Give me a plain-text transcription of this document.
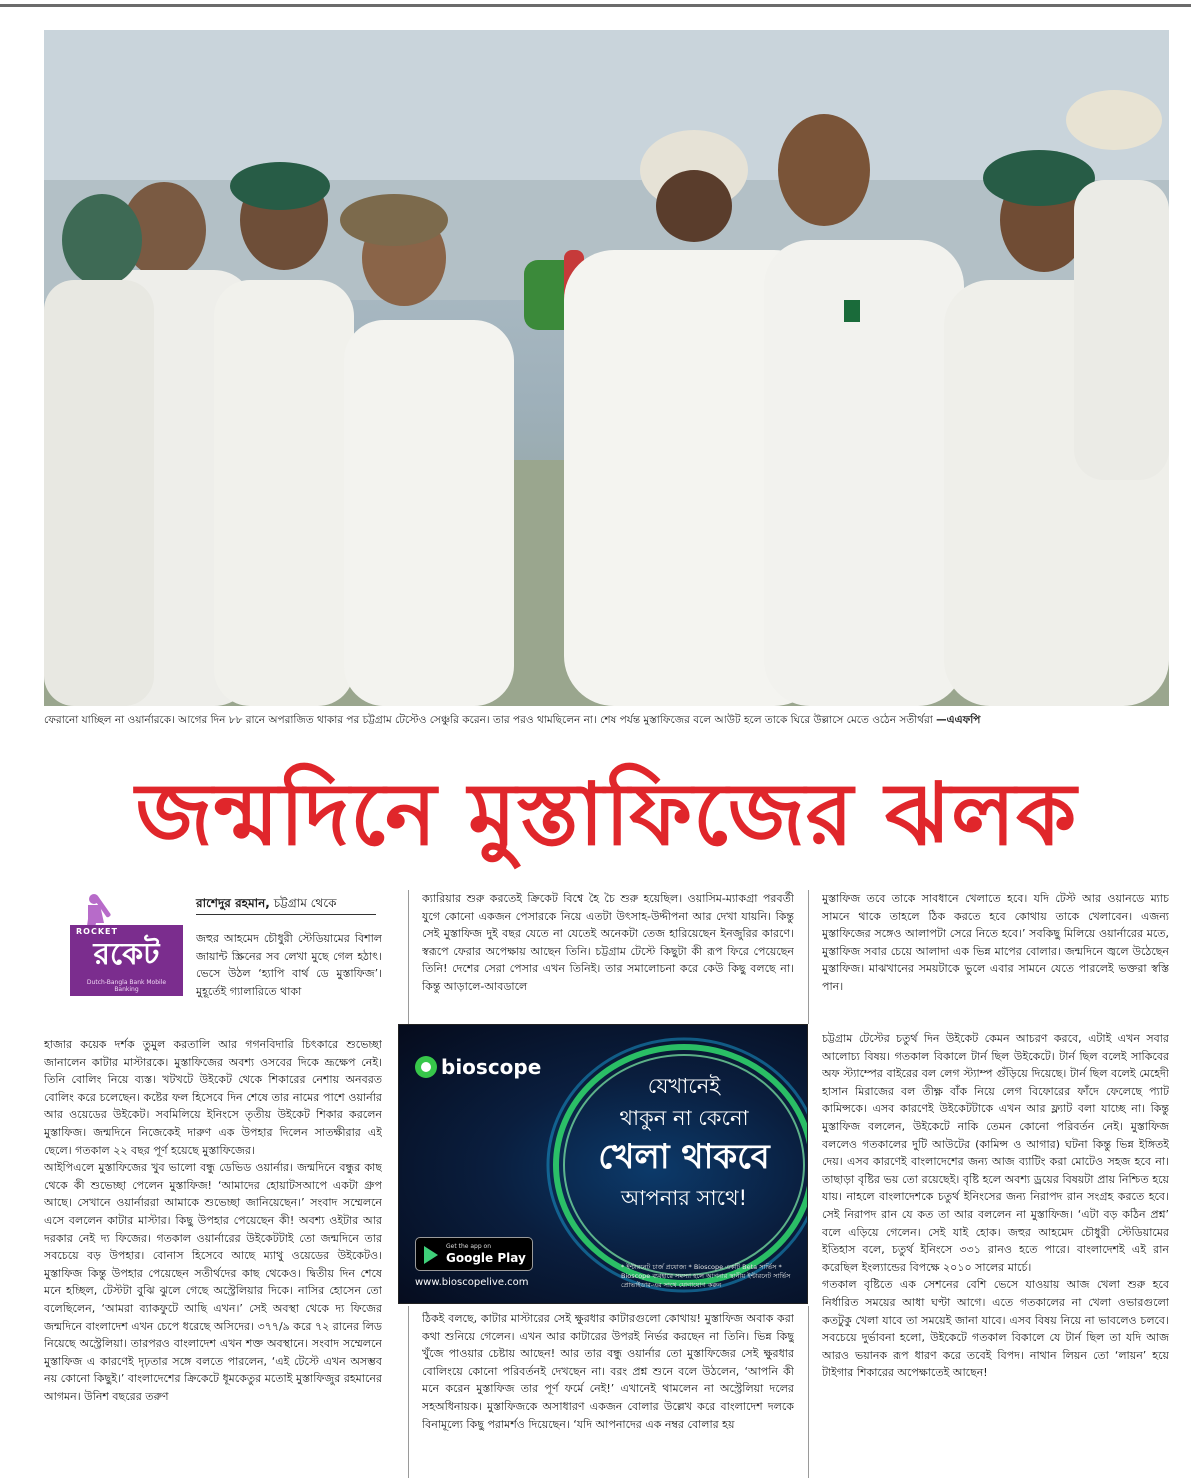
ফেরানো যাচ্ছিল না ওয়ার্নারকে। আগের দিন ৮৮ রানে অপরাজিত থাকার পর চট্টগ্রাম টেস্টেও সেঞ্চুরি করেন। তার পরও থামছিলেন না। শেষ পর্যন্ত মুস্তাফিজের বলে আউট হলে তাকে ঘিরে উল্লাসে মেতে ওঠেন সতীর্থরা —এএফপি
জন্মদিনে মুস্তাফিজের ঝলক
ROCKET
রকেট
Dutch-Bangla Bank Mobile Banking
রাশেদুর রহমান, চট্টগ্রাম থেকে

জহুর আহমেদ চৌধুরী স্টেডিয়ামের বিশাল জায়ান্ট স্ক্রিনের সব লেখা মুছে গেল হঠাৎ। ভেসে উঠল ‘হ্যাপি বার্থ ডে মুস্তাফিজ’। মুহূর্তেই গ্যালারিতে থাকা

হাজার কয়েক দর্শক তুমুল করতালি আর গগনবিদারি চিৎকারে শুভেচ্ছা জানালেন কাটার মাস্টারকে। মুস্তাফিজের অবশ্য ওসবের দিকে ভ্রূক্ষেপ নেই। তিনি বোলিং নিয়ে ব্যস্ত। খটখটে উইকেট থেকে শিকারের নেশায় অনবরত বোলিং করে চলেছেন। কষ্টের ফল হিসেবে দিন শেষে তার নামের পাশে ওয়ার্নার আর ওয়েডের উইকেট। সবমিলিয়ে ইনিংসে তৃতীয় উইকেট শিকার করলেন মুস্তাফিজ। জন্মদিনে নিজেকেই দারুণ এক উপহার দিলেন সাতক্ষীরার এই ছেলে। গতকাল ২২ বছর পূর্ণ হয়েছে মুস্তাফিজের।

আইপিএলে মুস্তাফিজের খুব ভালো বন্ধু ডেভিড ওয়ার্নার। জন্মদিনে বন্ধুর কাছ থেকে কী শুভেচ্ছা পেলেন মুস্তাফিজ! ‘আমাদের হোয়াটসআপে একটা গ্রুপ আছে। সেখানে ওয়ার্নাররা আমাকে শুভেচ্ছা জানিয়েছেন।’ সংবাদ সম্মেলনে এসে বললেন কাটার মাস্টার। কিছু উপহার পেয়েছেন কী! অবশ্য ওইটার আর দরকার নেই দ্য ফিজের। গতকাল ওয়ার্নারের উইকেটটাই তো জন্মদিনে তার সবচেয়ে বড় উপহার। বোনাস হিসেবে আছে ম্যাথু ওয়েডের উইকেটও। মুস্তাফিজ কিন্তু উপহার পেয়েছেন সতীর্থদের কাছ থেকেও। দ্বিতীয় দিন শেষে মনে হচ্ছিল, টেস্টটা বুঝি ঝুলে গেছে অস্ট্রেলিয়ার দিকে। নাসির হোসেন তো বলেছিলেন, ‘আমরা ব্যাকফুটে আছি এখন।’ সেই অবস্থা থেকে দ্য ফিজের জন্মদিনে বাংলাদেশ এখন চেপে ধরেছে অসিদের। ৩৭৭/৯ করে ৭২ রানের লিড নিয়েছে অস্ট্রেলিয়া। তারপরও বাংলাদেশ এখন শক্ত অবস্থানে। সংবাদ সম্মেলনে মুস্তাফিজ এ কারণেই দৃঢ়তার সঙ্গে বলতে পারলেন, ‘এই টেস্টে এখন অসম্ভব নয় কোনো কিছুই।’ বাংলাদেশের ক্রিকেটে ধূমকেতুর মতোই মুস্তাফিজুর রহমানের আগমন। উনিশ বছরের তরুণ

ক্যারিয়ার শুরু করতেই ক্রিকেট বিশ্বে হৈ চৈ শুরু হয়েছিল। ওয়াসিম-ম্যাকগ্রা পরবর্তী যুগে কোনো একজন পেসারকে নিয়ে এতটা উৎসাহ-উদ্দীপনা আর দেখা যায়নি। কিন্তু সেই মুস্তাফিজ দুই বছর যেতে না যেতেই অনেকটা তেজ হারিয়েছেন ইনজুরির কারণে। স্বরূপে ফেরার অপেক্ষায় আছেন তিনি। চট্টগ্রাম টেস্টে কিছুটা কী রূপ ফিরে পেয়েছেন তিনি! দেশের সেরা পেসার এখন তিনিই। তার সমালোচনা করে কেউ কিছু বলছে না। কিন্তু আড়ালে-আবডালে

bioscope
যেখানেই
থাকুন না কেনো
খেলা থাকবে
আপনার সাথে!
Get the app on
Google Play
www.bioscopelive.com
* ইন্টারনেট চার্জ প্রযোজ্য * Bioscope একটি Beta সার্ভিস * Bioscope ব্যবহারে সমস্যা হলে আপনার স্থানীয় ইন্টারনেট সার্ভিস প্রোভাইডার-এর সাথে যোগাযোগ করুন

ঠিকই বলছে, কাটার মাস্টারের সেই ক্ষুরধার কাটারগুলো কোথায়! মুস্তাফিজ অবাক করা কথা শুনিয়ে গেলেন। এখন আর কাটারের উপরই নির্ভর করছেন না তিনি। ভিন্ন কিছু খুঁজে পাওয়ার চেষ্টায় আছেন! আর তার বন্ধু ওয়ার্নার তো মুস্তাফিজের সেই ক্ষুরধার বোলিংয়ে কোনো পরিবর্তনই দেখছেন না। বরং প্রশ্ন শুনে বলে উঠলেন, ‘আপনি কী মনে করেন মুস্তাফিজ তার পূর্ণ ফর্মে নেই!’ এখানেই থামলেন না অস্ট্রেলিয়া দলের সহঅধিনায়ক। মুস্তাফিজকে অসাধারণ একজন বোলার উল্লেখ করে বাংলাদেশ দলকে বিনামূল্যে কিছু পরামর্শও দিয়েছেন। ‘যদি আপনাদের এক নম্বর বোলার হয়

মুস্তাফিজ তবে তাকে সাবধানে খেলাতে হবে। যদি টেস্ট আর ওয়ানডে ম্যাচ সামনে থাকে তাহলে ঠিক করতে হবে কোথায় তাকে খেলাবেন। এজন্য মুস্তাফিজের সঙ্গেও আলাপটা সেরে নিতে হবে।’ সবকিছু মিলিয়ে ওয়ার্নারের মতে, মুস্তাফিজ সবার চেয়ে আলাদা এক ভিন্ন মাপের বোলার। জন্মদিনে জ্বলে উঠেছেন মুস্তাফিজ। মাঝখানের সময়টাকে ভুলে এবার সামনে যেতে পারলেই ভক্তরা স্বস্তি পান।

চট্টগ্রাম টেস্টের চতুর্থ দিন উইকেট কেমন আচরণ করবে, এটাই এখন সবার আলোচ্য বিষয়। গতকাল বিকালে টার্ন ছিল উইকেটে। টার্ন ছিল বলেই সাকিবের অফ স্ট্যাম্পের বাইরের বল লেগ স্ট্যাম্প গুঁড়িয়ে দিয়েছে। টার্ন ছিল বলেই মেহেদী হাসান মিরাজের বল তীক্ষ্ণ বাঁক নিয়ে লেগ বিফোরের ফাঁদে ফেলেছে প্যাট কামিন্সকে। এসব কারণেই উইকেটটাকে এখন আর ফ্ল্যাট বলা যাচ্ছে না। কিন্তু মুস্তাফিজ বললেন, উইকেটে নাকি তেমন কোনো পরিবর্তন নেই। মুস্তাফিজ বললেও গতকালের দুটি আউটের (কামিন্স ও আগার) ঘটনা কিন্তু ভিন্ন ইঙ্গিতই দেয়। এসব কারণেই বাংলাদেশের জন্য আজ ব্যাটিং করা মোটেও সহজ হবে না। তাছাড়া বৃষ্টির ভয় তো রয়েছেই। বৃষ্টি হলে অবশ্য ড্রয়ের বিষয়টা প্রায় নিশ্চিত হয়ে যায়। নাহলে বাংলাদেশকে চতুর্থ ইনিংসের জন্য নিরাপদ রান সংগ্রহ করতে হবে। সেই নিরাপদ রান যে কত তা আর বললেন না মুস্তাফিজ। ‘এটা বড় কঠিন প্রশ্ন’ বলে এড়িয়ে গেলেন। সেই যাই হোক। জহুর আহমেদ চৌধুরী স্টেডিয়ামের ইতিহাস বলে, চতুর্থ ইনিংসে ৩৩১ রানও হতে পারে। বাংলাদেশই এই রান করেছিল ইংল্যান্ডের বিপক্ষে ২০১০ সালের মার্চে।

গতকাল বৃষ্টিতে এক সেশনের বেশি ভেসে যাওয়ায় আজ খেলা শুরু হবে নির্ধারিত সময়ের আধা ঘণ্টা আগে। এতে গতকালের না খেলা ওভারগুলো কতটুকু খেলা যাবে তা সময়েই জানা যাবে। এসব বিষয় নিয়ে না ভাবলেও চলবে। সবচেয়ে দুর্ভাবনা হলো, উইকেটে গতকাল বিকালে যে টার্ন ছিল তা যদি আজ আরও ভয়ানক রূপ ধারণ করে তবেই বিপদ। নাথান লিয়ন তো ‘লায়ন’ হয়ে টাইগার শিকারের অপেক্ষাতেই আছেন!
